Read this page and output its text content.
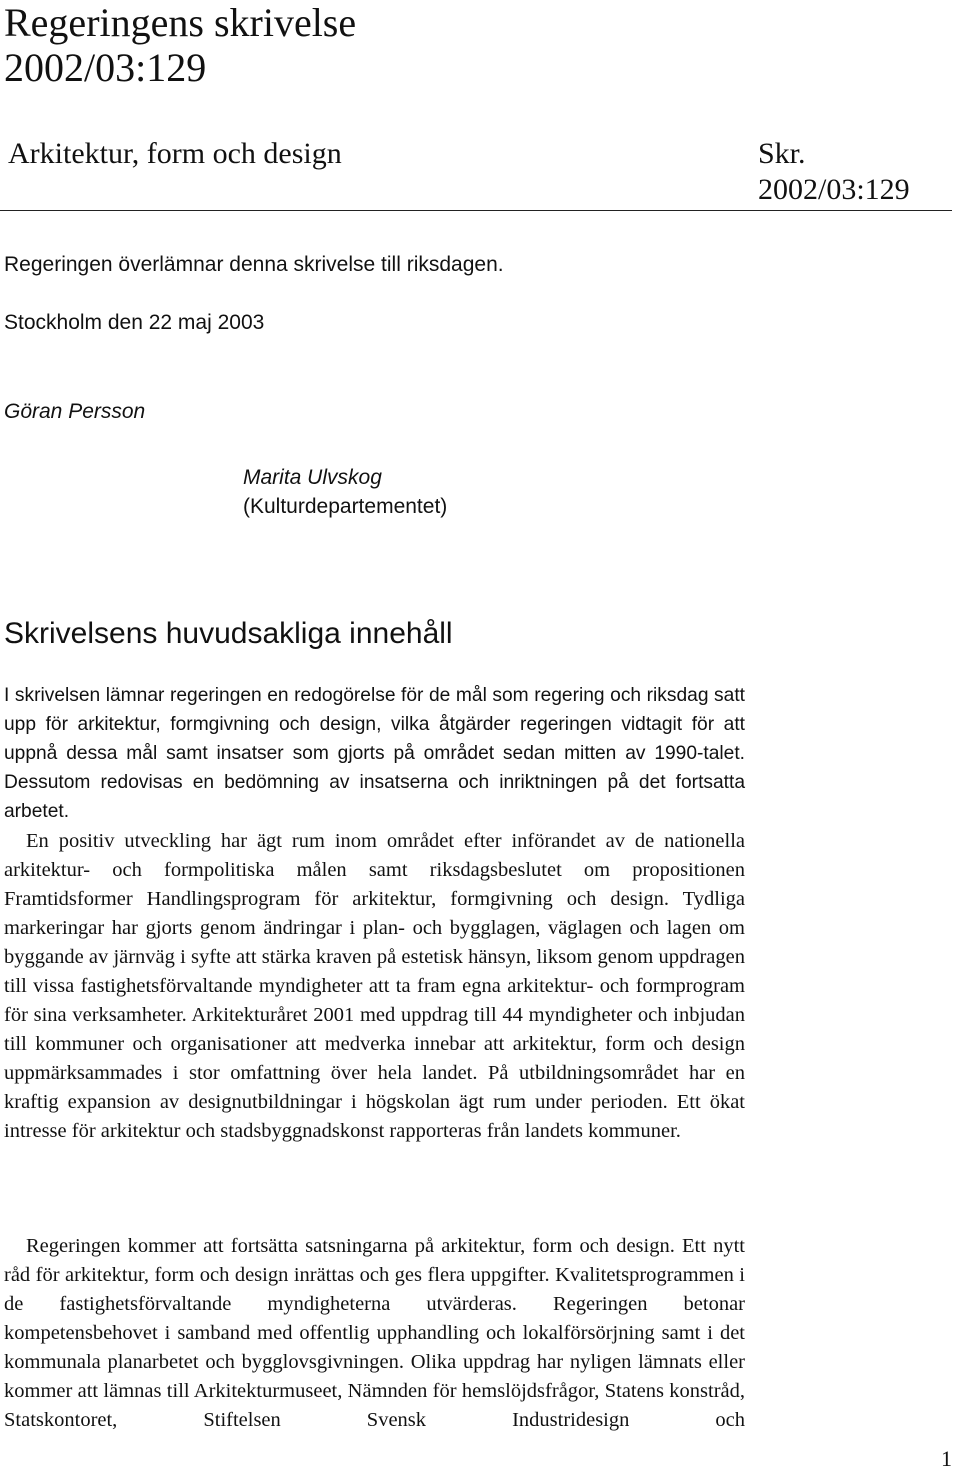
Regeringens skrivelse
2002/03:129
Arkitektur, form och design	Skr.
2002/03:129
Regeringen överlämnar denna skrivelse till riksdagen.
Stockholm den 22 maj 2003
Göran Persson
Marita Ulvskog
(Kulturdepartementet)
Skrivelsens huvudsakliga innehåll

I skrivelsen lämnar regeringen en redogörelse för de mål som regering och riksdag satt upp för arkitektur, formgivning och design, vilka åtgärder regeringen vidtagit för att uppnå dessa mål samt insatser som gjorts på området sedan mitten av 1990-talet. Dessutom redovisas en bedömning av insatserna och inriktningen på det fortsatta arbetet.

En positiv utveckling har ägt rum inom området efter införandet av de nationella arkitektur- och formpolitiska målen samt riksdagsbeslutet om propositionen Framtidsformer Handlingsprogram för arkitektur, formgivning och design. Tydliga markeringar har gjorts genom ändringar i plan- och bygglagen, väglagen och lagen om byggande av järnväg i syfte att stärka kraven på estetisk hänsyn, liksom genom uppdragen till vissa fastighetsförvaltande myndigheter att ta fram egna arkitektur- och formprogram för sina verksamheter. Arkitekturåret 2001 med uppdrag till 44 myndigheter och inbjudan till kommuner och organisationer att medverka innebar att arkitektur, form och design uppmärksammades i stor omfattning över hela landet. På utbildningsområdet har en kraftig expansion av designutbildningar i högskolan ägt rum under perioden. Ett ökat intresse för arkitektur och stadsbyggnadskonst rapporteras från landets kommuner.

Regeringen kommer att fortsätta satsningarna på arkitektur, form och design. Ett nytt råd för arkitektur, form och design inrättas och ges flera uppgifter. Kvalitetsprogrammen i de fastighetsförvaltande myndigheterna utvärderas. Regeringen betonar kompetensbehovet i samband med offentlig upphandling och lokalförsörjning samt i det kommunala planarbetet och bygglovsgivningen. Olika uppdrag har nyligen lämnats eller kommer att lämnas till Arkitekturmuseet, Nämnden för hemslöjdsfrågor, Statens konstråd, Statskontoret, Stiftelsen Svensk Industridesign och

1
